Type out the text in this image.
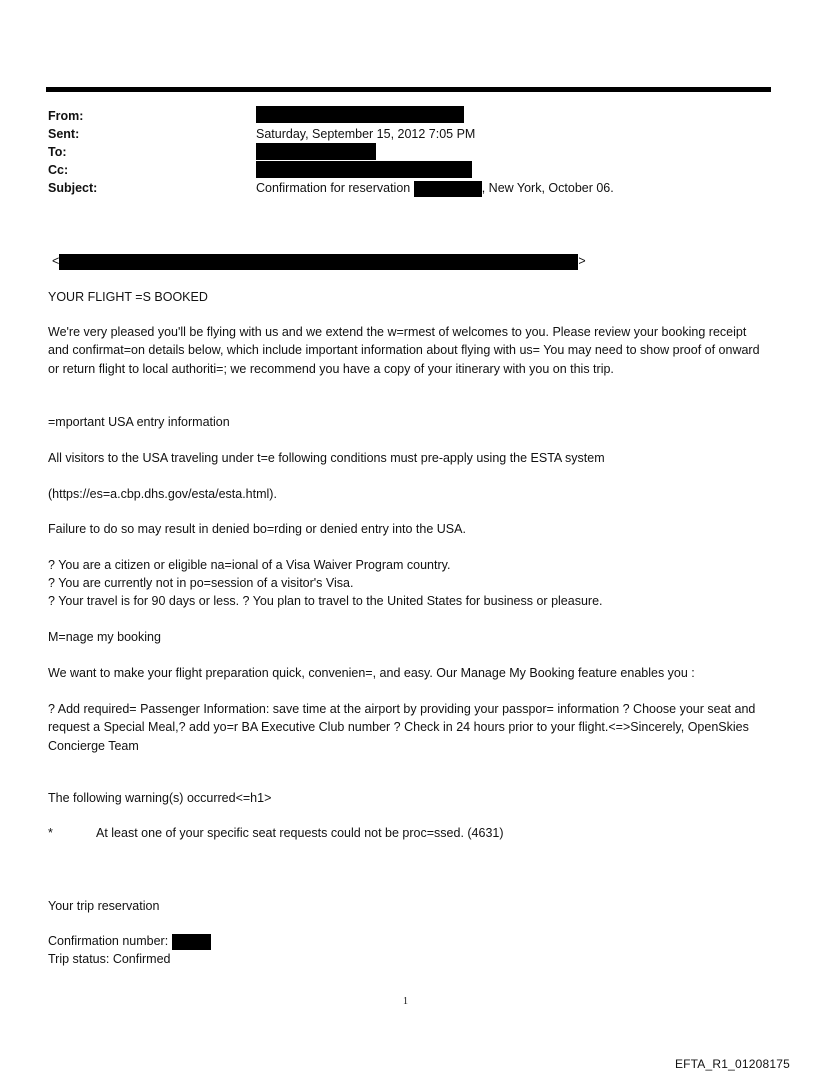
From:
Sent:	Saturday, September 15, 2012 7:05 PM
To:
Cc:
Subject:	Confirmation for reservation	, New York, October 06.
<	>
YOUR FLIGHT =S BOOKED

We're very pleased you'll be flying with us and we extend the w=rmest of welcomes to you. Please review your booking receipt and confirmat=on details below, which include important information about flying with us= You may need to show proof of onward or return flight to local authoriti=; we recommend you have a copy of your itinerary with you on this trip.

=mportant USA entry information
All visitors to the USA traveling under t=e following conditions must pre-apply using the ESTA system
(https://es=a.cbp.dhs.gov/esta/esta.html).
Failure to do so may result in denied bo=rding or denied entry into the USA.
? You are a citizen or eligible na=ional of a Visa Waiver Program country.
? You are currently not in po=session of a visitor's Visa.
? Your travel is for 90 days or less. ? You plan to travel to the United States for business or pleasure.
M=nage my booking
We want to make your flight preparation quick, convenien=, and easy. Our Manage My Booking feature enables you :

? Add required= Passenger Information: save time at the airport by providing your passpor= information ? Choose your seat and request a Special Meal,? add yo=r BA Executive Club number ? Check in 24 hours prior to your flight.<=>Sincerely, OpenSkies Concierge Team

The following warning(s) occurred<=h1>
*	At least one of your specific seat requests could not be proc=ssed. (4631)
Your trip reservation
Confirmation number:
Trip status: Confirmed
1
EFTA_R1_01208175
